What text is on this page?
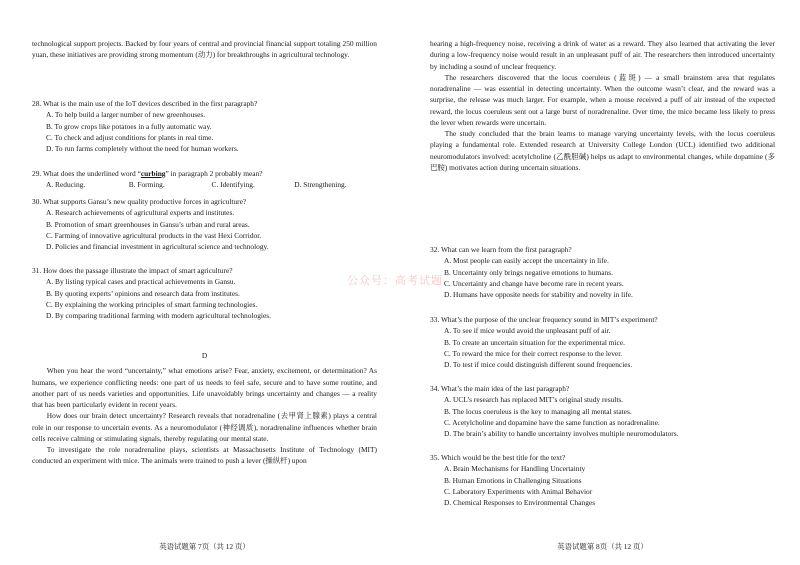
technological support projects. Backed by four years of central and provincial financial support totaling 250 million yuan, these initiatives are providing strong momentum (动力) for breakthroughs in agricultural technology.

28. What is the main use of the IoT devices described in the first paragraph?

A. To help build a larger number of new greenhouses.

B. To grow crops like potatoes in a fully automatic way.

C. To check and adjust conditions for plants in real time.

D. To run farms completely without the need for human workers.

29. What does the underlined word “curbing” in paragraph 2 probably mean?

A. Reducing.	B. Forming.	C. Identifying.	D. Strengthening.

30. What supports Gansu’s new quality productive forces in agriculture?

A. Research achievements of agricultural experts and institutes.

B. Promotion of smart greenhouses in Gansu’s urban and rural areas.

C. Farming of innovative agricultural products in the vast Hexi Corridor.

D. Policies and financial investment in agricultural science and technology.

31. How does the passage illustrate the impact of smart agriculture?

A. By listing typical cases and practical achievements in Gansu.

B. By quoting experts’ opinions and research data from institutes.

C. By explaining the working principles of smart farming technologies.

D. By comparing traditional farming with modern agricultural technologies.

D

When you hear the word “uncertainty,” what emotions arise? Fear, anxiety, excitement, or determination? As humans, we experience conflicting needs: one part of us needs to feel safe, secure and to have some routine, and another part of us needs varieties and opportunities. Life unavoidably brings uncertainty and changes — a reality that has been particularly evident in recent years.

How does our brain detect uncertainty? Research reveals that noradrenaline (去甲肾上腺素) plays a central role in our response to uncertain events. As a neuromodulator (神经调质), noradrenaline influences whether brain cells receive calming or stimulating signals, thereby regulating our mental state.

To investigate the role noradrenaline plays, scientists at Massachusetts Institute of Technology (MIT) conducted an experiment with mice. The animals were trained to push a lever (操纵杆) upon

英语试题第 7页（共 12 页）

hearing a high-frequency noise, receiving a drink of water as a reward. They also learned that activating the lever during a low-frequency noise would result in an unpleasant puff of air. The researchers then introduced uncertainty by including a sound of unclear frequency.

The researchers discovered that the locus coeruleus (蓝斑) — a small brainstem area that regulates noradrenaline — was essential in detecting uncertainty. When the outcome wasn’t clear, and the reward was a surprise, the release was much larger. For example, when a mouse received a puff of air instead of the expected reward, the locus coeruleus sent out a large burst of noradrenaline. Over time, the mice became less likely to press the lever when rewards were uncertain.

The study concluded that the brain learns to manage varying uncertainty levels, with the locus coeruleus playing a fundamental role. Extended research at University College London (UCL) identified two additional neuromodulators involved: acetylcholine (乙酰胆碱) helps us adapt to environmental changes, while dopamine (多巴胺) motivates action during uncertain situations.

32. What can we learn from the first paragraph?

A. Most people can easily accept the uncertainty in life.

B. Uncertainty only brings negative emotions to humans.

C. Uncertainty and change have become rare in recent years.

D. Humans have opposite needs for stability and novelty in life.

33. What’s the purpose of the unclear frequency sound in MIT’s experiment?

A. To see if mice would avoid the unpleasant puff of air.

B. To create an uncertain situation for the experimental mice.

C. To reward the mice for their correct response to the lever.

D. To test if mice could distinguish different sound frequencies.

34. What’s the main idea of the last paragraph?

A. UCL’s research has replaced MIT’s original study results.

B. The locus coeruleus is the key to managing all mental states.

C. Acetylcholine and dopamine have the same function as noradrenaline.

D. The brain’s ability to handle uncertainty involves multiple neuromodulators.

35. Which would be the best title for the text?

A. Brain Mechanisms for Handling Uncertainty

B. Human Emotions in Challenging Situations

C. Laboratory Experiments with Animal Behavior

D. Chemical Responses to Environmental Changes

英语试题第 8页（共 12 页）
公众号：高考试题
